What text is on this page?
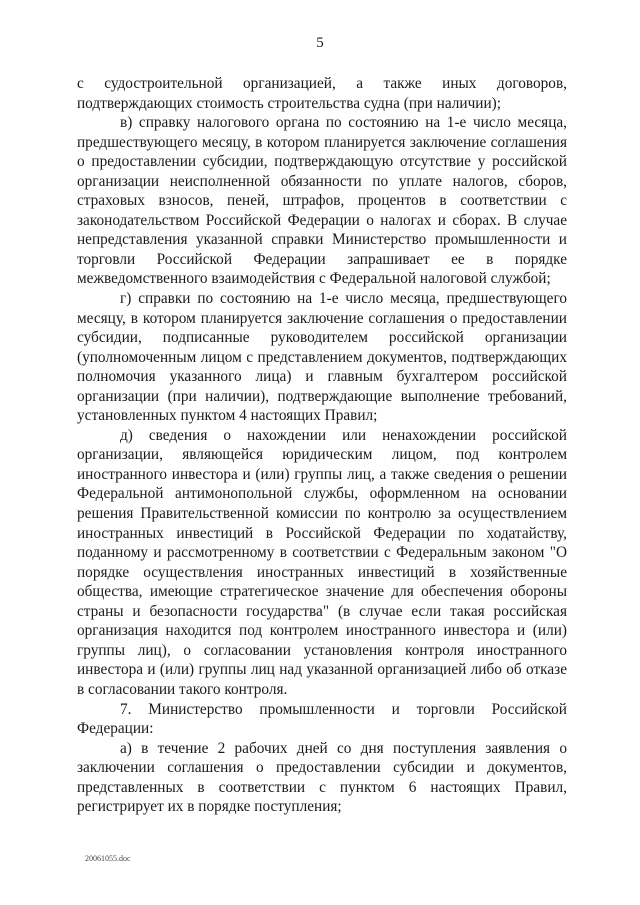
5

с судостроительной организацией, а также иных договоров, подтверждающих стоимость строительства судна (при наличии);

в) справку налогового органа по состоянию на 1-е число месяца, предшествующего месяцу, в котором планируется заключение соглашения о предоставлении субсидии, подтверждающую отсутствие у российской организации неисполненной обязанности по уплате налогов, сборов, страховых взносов, пеней, штрафов, процентов в соответствии с законодательством Российской Федерации о налогах и сборах. В случае непредставления указанной справки Министерство промышленности и торговли Российской Федерации запрашивает ее в порядке межведомственного взаимодействия с Федеральной налоговой службой;

г) справки по состоянию на 1-е число месяца, предшествующего месяцу, в котором планируется заключение соглашения о предоставлении субсидии, подписанные руководителем российской организации (уполномоченным лицом с представлением документов, подтверждающих полномочия указанного лица) и главным бухгалтером российской организации (при наличии), подтверждающие выполнение требований, установленных пунктом 4 настоящих Правил;

д) сведения о нахождении или ненахождении российской организации, являющейся юридическим лицом, под контролем иностранного инвестора и (или) группы лиц, а также сведения о решении Федеральной антимонопольной службы, оформленном на основании решения Правительственной комиссии по контролю за осуществлением иностранных инвестиций в Российской Федерации по ходатайству, поданному и рассмотренному в соответствии с Федеральным законом "О порядке осуществления иностранных инвестиций в хозяйственные общества, имеющие стратегическое значение для обеспечения обороны страны и безопасности государства" (в случае если такая российская организация находится под контролем иностранного инвестора и (или) группы лиц), о согласовании установления контроля иностранного инвестора и (или) группы лиц над указанной организацией либо об отказе в согласовании такого контроля.

7. Министерство промышленности и торговли Российской Федерации:

а) в течение 2 рабочих дней со дня поступления заявления о заключении соглашения о предоставлении субсидии и документов, представленных в соответствии с пунктом 6 настоящих Правил, регистрирует их в порядке поступления;

20061055.doc
